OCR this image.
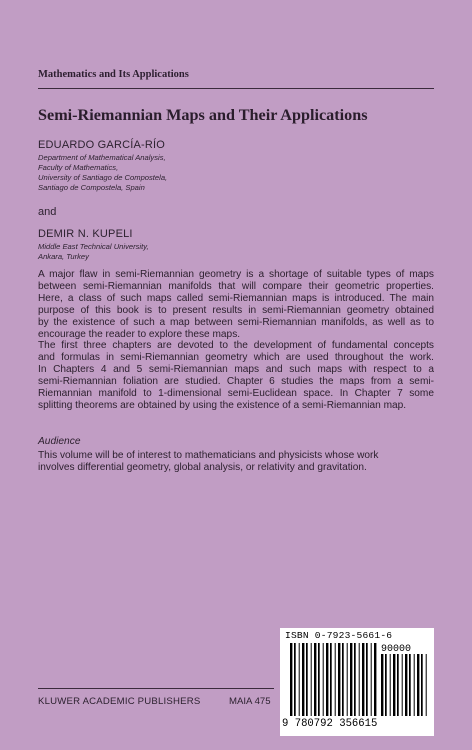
Mathematics and Its Applications
Semi-Riemannian Maps and Their Applications
EDUARDO GARCÍA-RÍO
Department of Mathematical Analysis,
Faculty of Mathematics,
University of Santiago de Compostela,
Santiago de Compostela, Spain
and
DEMIR N. KUPELI
Middle East Technical University,
Ankara, Turkey
A major flaw in semi-Riemannian geometry is a shortage of suitable types of maps
between semi-Riemannian manifolds that will compare their geometric properties.
Here, a class of such maps called semi-Riemannian maps is introduced. The main
purpose of this book is to present results in semi-Riemannian geometry obtained
by the existence of such a map between semi-Riemannian manifolds, as well as to
encourage the reader to explore these maps.
The first three chapters are devoted to the development of fundamental concepts
and formulas in semi-Riemannian geometry which are used throughout the work.
In Chapters 4 and 5 semi-Riemannian maps and such maps with respect to a
semi-Riemannian foliation are studied. Chapter 6 studies the maps from a semi-
Riemannian manifold to 1-dimensional semi-Euclidean space. In Chapter 7 some
splitting theorems are obtained by using the existence of a semi-Riemannian map.
Audience
This volume will be of interest to mathematicians and physicists whose work
involves differential geometry, global analysis, or relativity and gravitation.
ISBN 0-7923-5661-6
90000
9 780792 356615
KLUWER ACADEMIC PUBLISHERS	MAIA 475
